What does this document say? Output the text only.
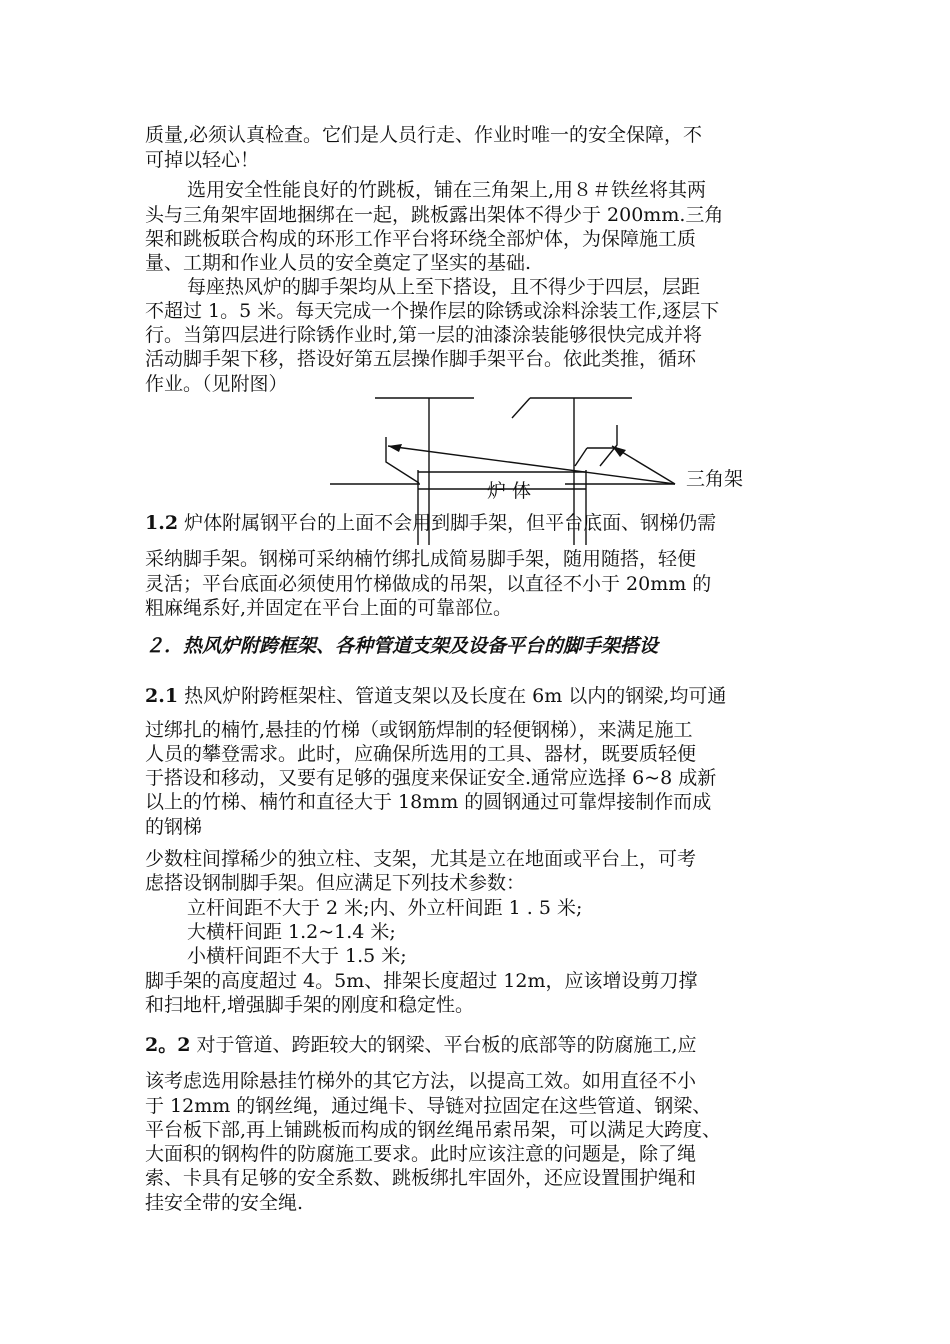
质量,必须认真检查。它们是人员行走、作业时唯一的安全保障，不
可掉以轻心！
选用安全性能良好的竹跳板，铺在三角架上,用８＃铁丝将其两
头与三角架牢固地捆绑在一起，跳板露出架体不得少于 200mm.三角
架和跳板联合构成的环形工作平台将环绕全部炉体，为保障施工质
量、工期和作业人员的安全奠定了坚实的基础.
每座热风炉的脚手架均从上至下搭设，且不得少于四层，层距
不超过 1。5 米。每天完成一个操作层的除锈或涂料涂装工作,逐层下
行。当第四层进行除锈作业时,第一层的油漆涂装能够很快完成并将
活动脚手架下移，搭设好第五层操作脚手架平台。依此类推，循环
作业。（见附图）
1.2 炉体附属钢平台的上面不会用到脚手架，但平台底面、钢梯仍需
采纳脚手架。钢梯可采纳楠竹绑扎成简易脚手架，随用随搭，轻便
灵活；平台底面必须使用竹梯做成的吊架，以直径不小于 20mm 的
粗麻绳系好,并固定在平台上面的可靠部位。
２．热风炉附跨框架、各种管道支架及设备平台的脚手架搭设
2.1 热风炉附跨框架柱、管道支架以及长度在 6m 以内的钢梁,均可通
过绑扎的楠竹,悬挂的竹梯（或钢筋焊制的轻便钢梯），来满足施工
人员的攀登需求。此时，应确保所选用的工具、器材，既要质轻便
于搭设和移动，又要有足够的强度来保证安全.通常应选择 6~8 成新
以上的竹梯、楠竹和直径大于 18mm 的圆钢通过可靠焊接制作而成
的钢梯
少数柱间撑稀少的独立柱、支架，尤其是立在地面或平台上，可考
虑搭设钢制脚手架。但应满足下列技术参数：
立杆间距不大于 2 米;内、外立杆间距 1 . 5 米;
大横杆间距 1.2~1.4 米;
小横杆间距不大于 1.5 米;
脚手架的高度超过 4。5m、排架长度超过 12m，应该增设剪刀撑
和扫地杆,增强脚手架的刚度和稳定性。
2。2 对于管道、跨距较大的钢梁、平台板的底部等的防腐施工,应
该考虑选用除悬挂竹梯外的其它方法，以提高工效。如用直径不小
于 12mm 的钢丝绳，通过绳卡、导链对拉固定在这些管道、钢梁、
平台板下部,再上铺跳板而构成的钢丝绳吊索吊架，可以满足大跨度、
大面积的钢构件的防腐施工要求。此时应该注意的问题是，除了绳
索、卡具有足够的安全系数、跳板绑扎牢固外，还应设置围护绳和
挂安全带的安全绳.
炉 体
三角架
